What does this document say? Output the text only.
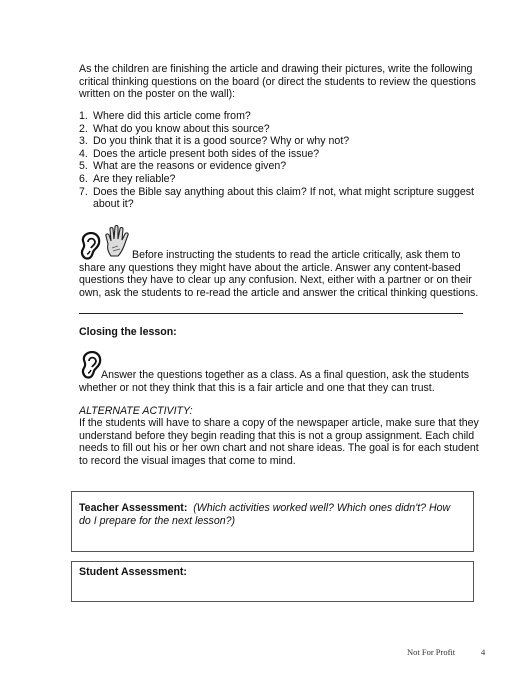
As the children are finishing the article and drawing their pictures, write the following critical thinking questions on the board (or direct the students to review the questions written on the poster on the wall):
1. Where did this article come from?
2. What do you know about this source?
3. Do you think that it is a good source? Why or why not?
4. Does the article present both sides of the issue?
5. What are the reasons or evidence given?
6. Are they reliable?
7. Does the Bible say anything about this claim? If not, what might scripture suggest about it?
Before instructing the students to read the article critically, ask them to share any questions they might have about the article. Answer any content-based questions they have to clear up any confusion. Next, either with a partner or on their own, ask the students to re-read the article and answer the critical thinking questions.
Closing the lesson:
Answer the questions together as a class. As a final question, ask the students whether or not they think that this is a fair article and one that they can trust.
ALTERNATE ACTIVITY:
If the students will have to share a copy of the newspaper article, make sure that they understand before they begin reading that this is not a group assignment. Each child needs to fill out his or her own chart and not share ideas. The goal is for each student to record the visual images that come to mind.
Teacher Assessment: (Which activities worked well? Which ones didn't? How do I prepare for the next lesson?)
Student Assessment:
Not For Profit	4
